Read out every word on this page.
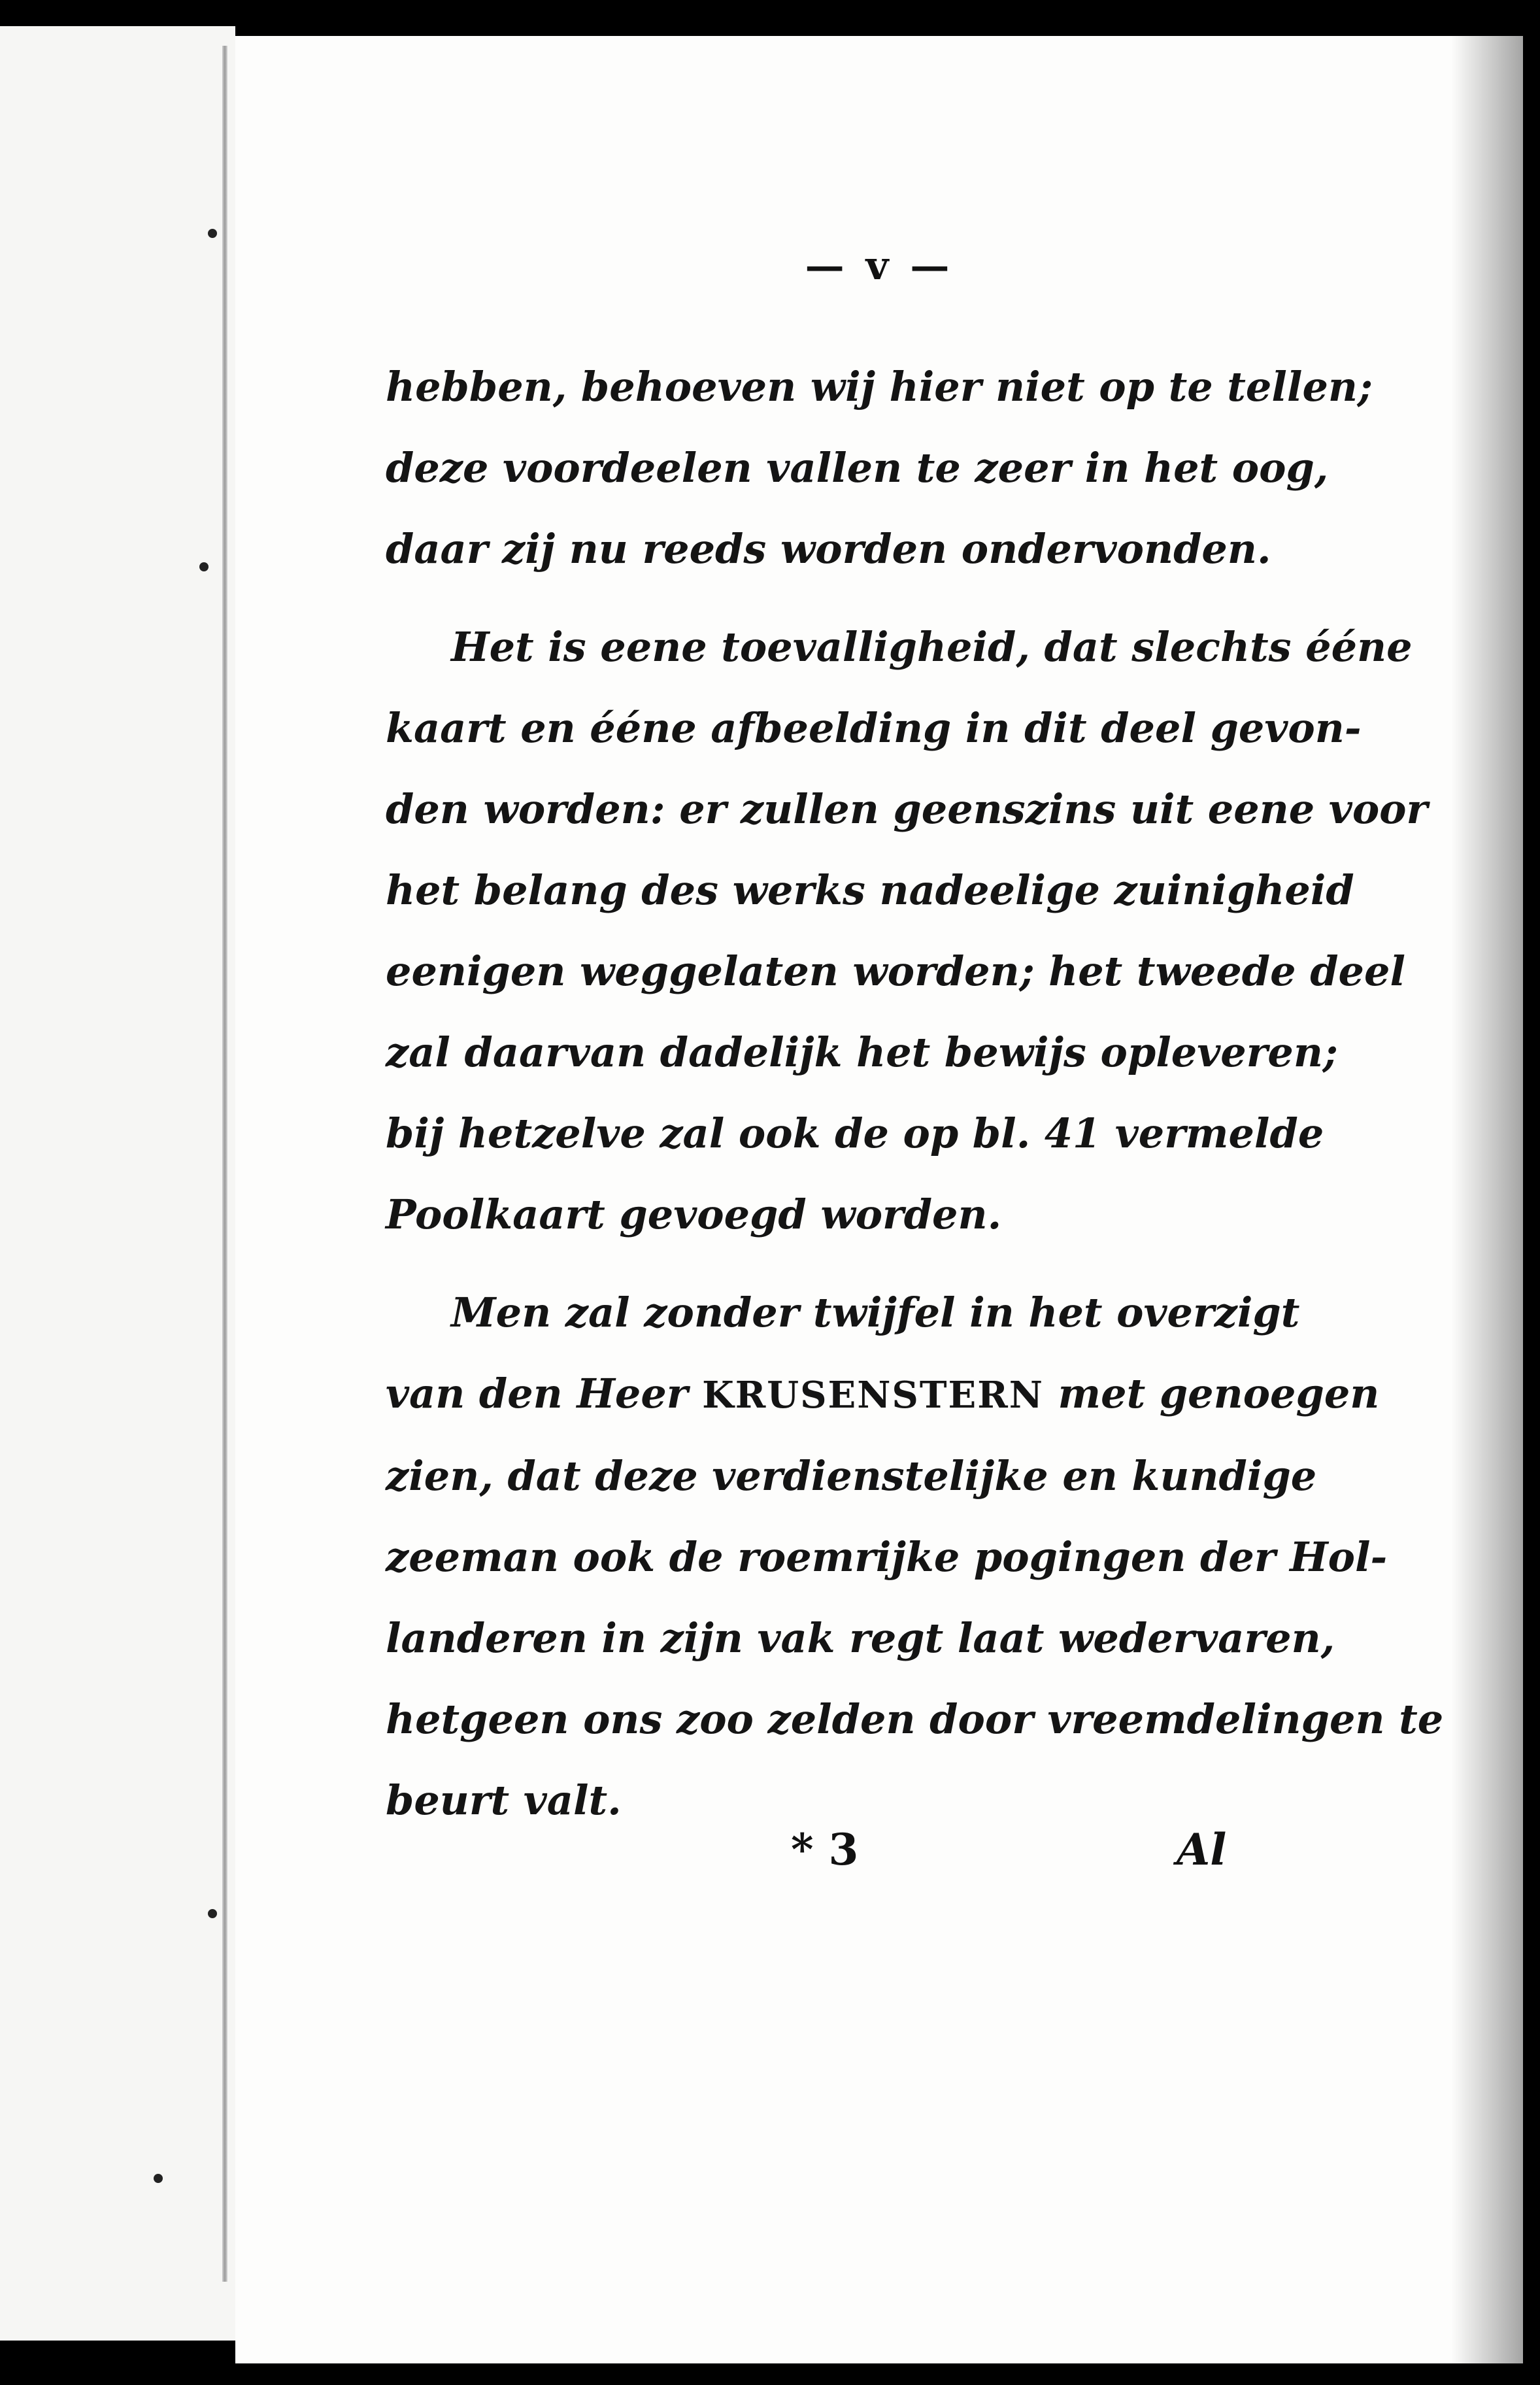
— v —
hebben, behoeven wij hier niet op te tellen;
deze voordeelen vallen te zeer in het oog,
daar zij nu reeds worden ondervonden.
Het is eene toevalligheid, dat slechts ééne
kaart en ééne afbeelding in dit deel gevon-
den worden: er zullen geenszins uit eene voor
het belang des werks nadeelige zuinigheid
eenigen weggelaten worden; het tweede deel
zal daarvan dadelijk het bewijs opleveren;
bij hetzelve zal ook de op bl. 41 vermelde
Poolkaart gevoegd worden.
Men zal zonder twijfel in het overzigt
van den Heer KRUSENSTERN met genoegen
zien, dat deze verdienstelijke en kundige
zeeman ook de roemrijke pogingen der Hol-
landeren in zijn vak regt laat wedervaren,
hetgeen ons zoo zelden door vreemdelingen te
beurt valt.
* 3	Al
